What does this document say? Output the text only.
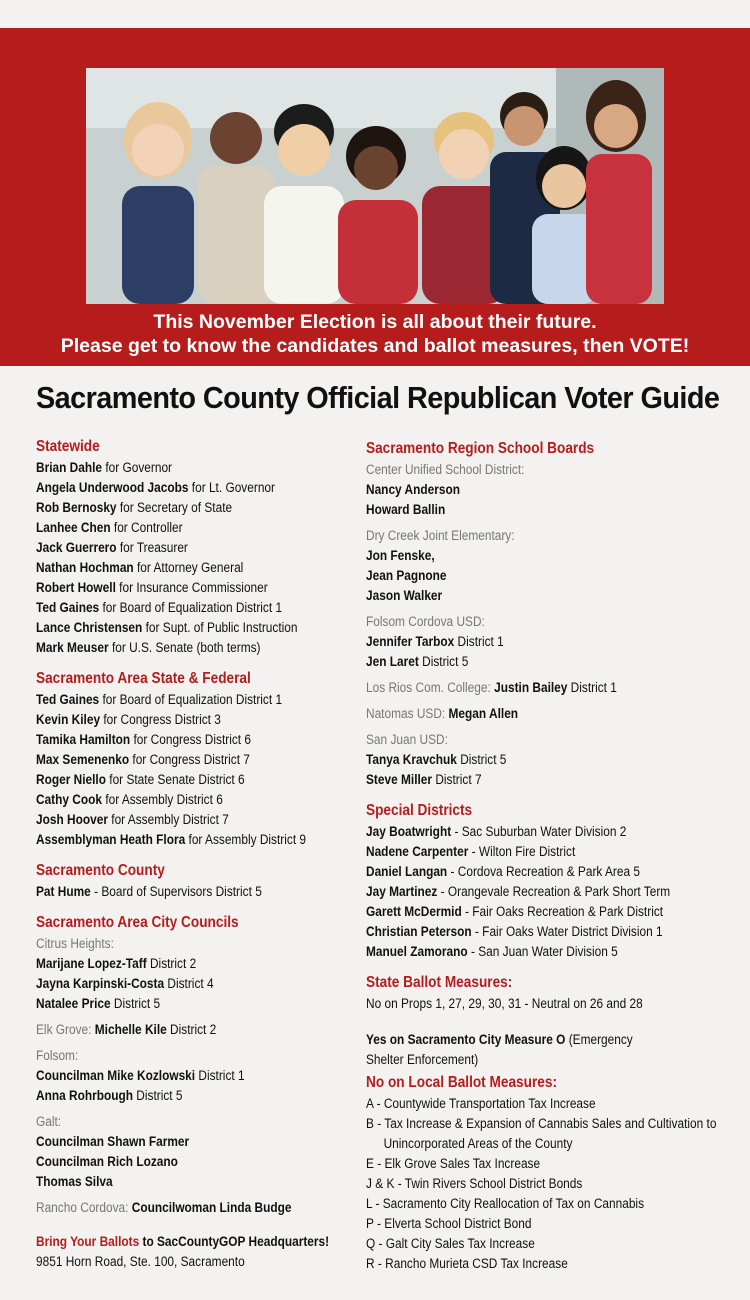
This November Election is all about their future.
Please get to know the candidates and ballot measures, then VOTE!
Sacramento County Official Republican Voter Guide
Statewide
Brian Dahle for Governor
Angela Underwood Jacobs for Lt. Governor
Rob Bernosky for Secretary of State
Lanhee Chen for Controller
Jack Guerrero for Treasurer
Nathan Hochman for Attorney General
Robert Howell for Insurance Commissioner
Ted Gaines for Board of Equalization District 1
Lance Christensen for Supt. of Public Instruction
Mark Meuser for U.S. Senate (both terms)
Sacramento Area State & Federal
Ted Gaines for Board of Equalization District 1
Kevin Kiley for Congress District 3
Tamika Hamilton for Congress District 6
Max Semenenko for Congress District 7
Roger Niello for State Senate District 6
Cathy Cook for Assembly District 6
Josh Hoover for Assembly District 7
Assemblyman Heath Flora for Assembly District 9
Sacramento County
Pat Hume - Board of Supervisors District 5
Sacramento Area City Councils
Citrus Heights:
Marijane Lopez-Taff District 2
Jayna Karpinski-Costa District 4
Natalee Price District 5
Elk Grove: Michelle Kile District 2
Folsom:
Councilman Mike Kozlowski District 1
Anna Rohrbough District 5
Galt:
Councilman Shawn Farmer
Councilman Rich Lozano
Thomas Silva
Rancho Cordova: Councilwoman Linda Budge
Bring Your Ballots to SacCountyGOP Headquarters!
9851 Horn Road, Ste. 100, Sacramento
Sacramento Region School Boards
Center Unified School District:
Nancy Anderson
Howard Ballin
Dry Creek Joint Elementary:
Jon Fenske,
Jean Pagnone
Jason Walker
Folsom Cordova USD:
Jennifer Tarbox District 1
Jen Laret District 5
Los Rios Com. College: Justin Bailey District 1
Natomas USD: Megan Allen
San Juan USD:
Tanya Kravchuk District 5
Steve Miller District 7
Special Districts
Jay Boatwright - Sac Suburban Water Division 2
Nadene Carpenter - Wilton Fire District
Daniel Langan - Cordova Recreation & Park Area 5
Jay Martinez - Orangevale Recreation & Park Short Term
Garett McDermid - Fair Oaks Recreation & Park District
Christian Peterson - Fair Oaks Water District Division 1
Manuel Zamorano - San Juan Water Division 5
State Ballot Measures:
No on Props 1, 27, 29, 30, 31 - Neutral on 26 and 28
Yes on Sacramento City Measure O (Emergency Shelter Enforcement)
No on Local Ballot Measures:
A - Countywide Transportation Tax Increase
B - Tax Increase & Expansion of Cannabis Sales and Cultivation to
Unincorporated Areas of the County
E - Elk Grove Sales Tax Increase
J & K - Twin Rivers School District Bonds
L - Sacramento City Reallocation of Tax on Cannabis
P - Elverta School District Bond
Q - Galt City Sales Tax Increase
R - Rancho Murieta CSD Tax Increase
